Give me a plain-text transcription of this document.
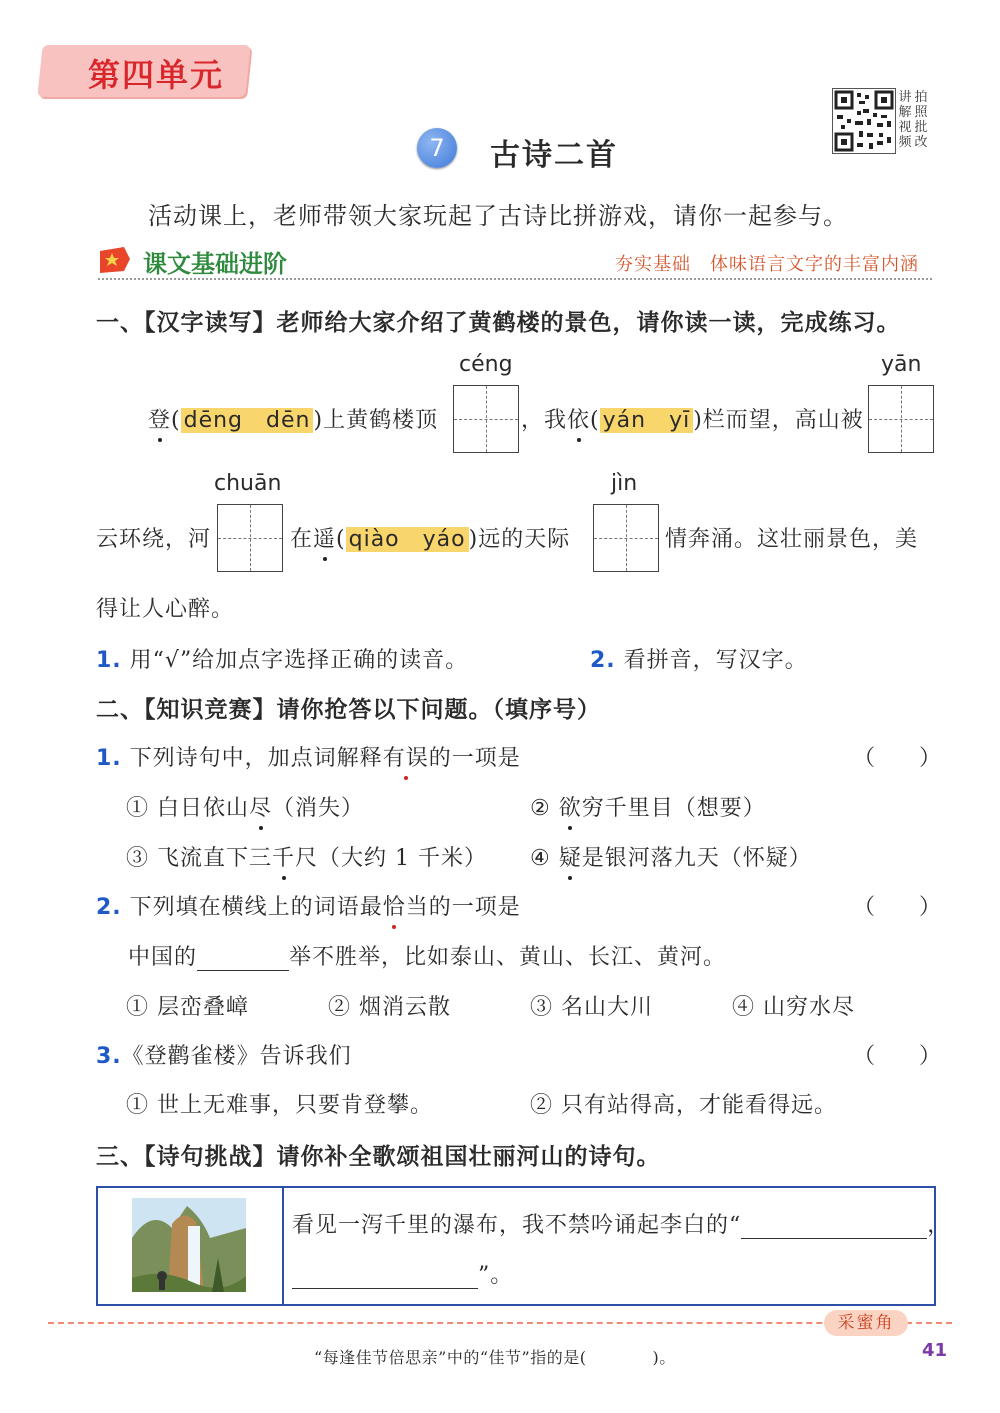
第四单元
讲 拍
解 照
视 批
频 改
7	古诗二首
活动课上，老师带领大家玩起了古诗比拼游戏，请你一起参与。
课文基础进阶	夯实基础　体味语言文字的丰富内涵
一、【汉字读写】老师给大家介绍了黄鹤楼的景色，请你读一读，完成练习。
céng	yān
登( dēng　dēn )上黄鹤楼顶	，我依( yán　yī )栏而望，高山被
chuān	jìn
云环绕，河	在遥( qiào　yáo )远的天际	情奔涌。这壮丽景色，美
得让人心醉。
1. 用“√”给加点字选择正确的读音。	2. 看拼音，写汉字。
二、【知识竞赛】请你抢答以下问题。（填序号）
1. 下列诗句中，加点词解释有误的一项是	（　　）
① 白日依山尽（消失）	② 欲穷千里目（想要）
③ 飞流直下三千尺（大约 1 千米） ④ 疑是银河落九天（怀疑）
2. 下列填在横线上的词语最恰当的一项是	（　　）
中国的	举不胜举，比如泰山、黄山、长江、黄河。
① 层峦叠嶂	② 烟消云散	③ 名山大川	④ 山穷水尽
3.《登鹳雀楼》告诉我们	（　　）
① 世上无难事，只要肯登攀。	② 只有站得高，才能看得远。
三、【诗句挑战】请你补全歌颂祖国壮丽河山的诗句。
看见一泻千里的瀑布，我不禁吟诵起李白的“	，
”。
采蜜角
“每逢佳节倍思亲”中的“佳节”指的是(　　　　)。	41
